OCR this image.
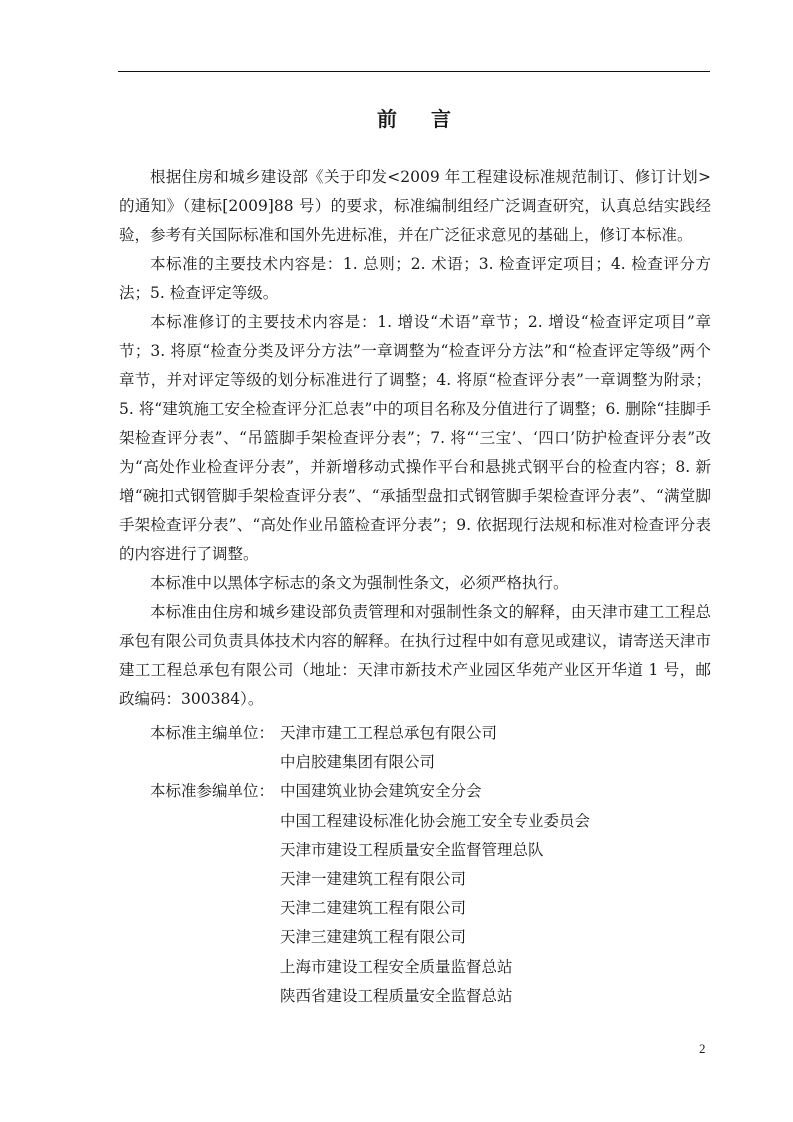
前 言

根据住房和城乡建设部《关于印发<2009 年工程建设标准规范制订、修订计划>的通知》（建标[2009]88 号）的要求，标准编制组经广泛调查研究，认真总结实践经验，参考有关国际标准和国外先进标准，并在广泛征求意见的基础上，修订本标准。

本标准的主要技术内容是：1. 总则；2. 术语；3. 检查评定项目；4. 检查评分方法；5. 检查评定等级。

本标准修订的主要技术内容是：1. 增设“术语”章节；2. 增设“检查评定项目”章节；3. 将原“检查分类及评分方法”一章调整为“检查评分方法”和“检查评定等级”两个章节，并对评定等级的划分标准进行了调整；4. 将原“检查评分表”一章调整为附录；5. 将“建筑施工安全检查评分汇总表”中的项目名称及分值进行了调整；6. 删除“挂脚手架检查评分表”、“吊篮脚手架检查评分表”；7. 将“‘三宝’、‘四口’防护检查评分表”改为“高处作业检查评分表”，并新增移动式操作平台和悬挑式钢平台的检查内容；8. 新增“碗扣式钢管脚手架检查评分表”、“承插型盘扣式钢管脚手架检查评分表”、“满堂脚手架检查评分表”、“高处作业吊篮检查评分表”；9. 依据现行法规和标准对检查评分表的内容进行了调整。

本标准中以黑体字标志的条文为强制性条文，必须严格执行。

本标准由住房和城乡建设部负责管理和对强制性条文的解释，由天津市建工工程总承包有限公司负责具体技术内容的解释。在执行过程中如有意见或建议，请寄送天津市建工工程总承包有限公司（地址：天津市新技术产业园区华苑产业区开华道 1 号，邮政编码：300384）。

本标准主编单位： 天津市建工工程总承包有限公司
中启胶建集团有限公司
本标准参编单位： 中国建筑业协会建筑安全分会
中国工程建设标准化协会施工安全专业委员会
天津市建设工程质量安全监督管理总队
天津一建建筑工程有限公司
天津二建建筑工程有限公司
天津三建建筑工程有限公司
上海市建设工程安全质量监督总站
陕西省建设工程质量安全监督总站
2
